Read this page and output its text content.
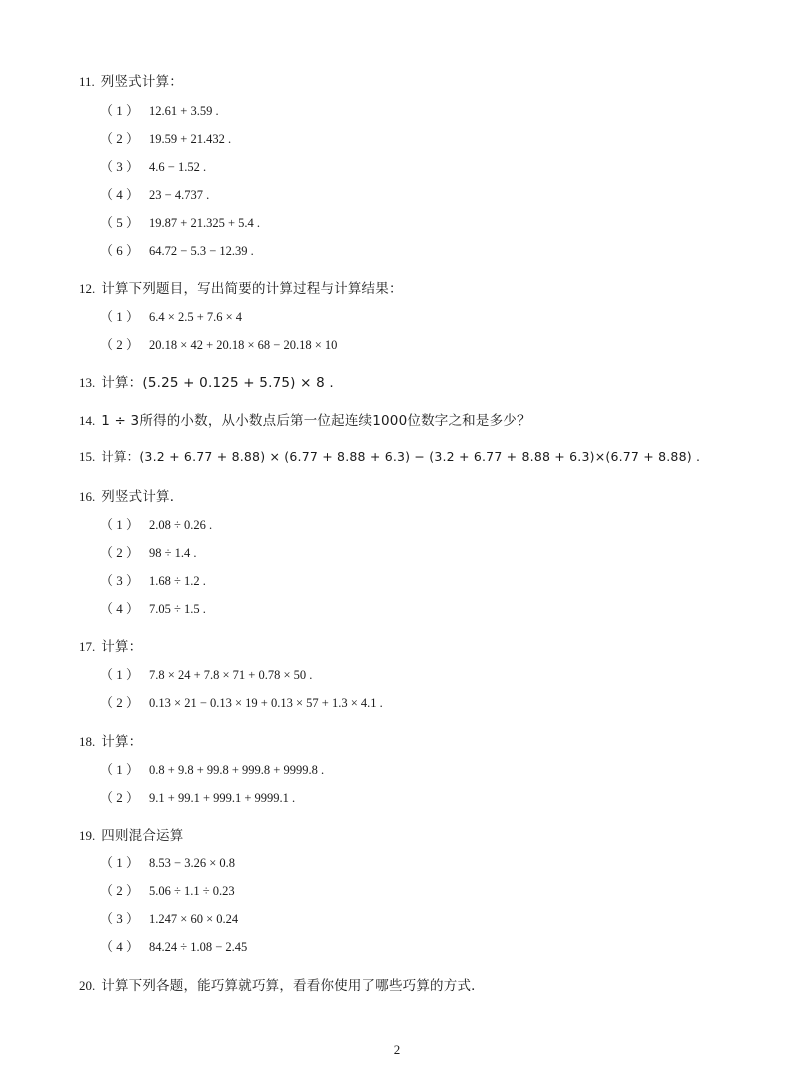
11. 列竖式计算：
（ 1 ） 12.61 + 3.59 .
（ 2 ） 19.59 + 21.432 .
（ 3 ） 4.6 − 1.52 .
（ 4 ） 23 − 4.737 .
（ 5 ） 19.87 + 21.325 + 5.4 .
（ 6 ） 64.72 − 5.3 − 12.39 .
12. 计算下列题目，写出简要的计算过程与计算结果：
（ 1 ） 6.4 × 2.5 + 7.6 × 4
（ 2 ） 20.18 × 42 + 20.18 × 68 − 20.18 × 10
13. 计算：(5.25 + 0.125 + 5.75) × 8 .
14. 1 ÷ 3所得的小数，从小数点后第一位起连续1000位数字之和是多少？
15. 计算：(3.2 + 6.77 + 8.88) × (6.77 + 8.88 + 6.3) − (3.2 + 6.77 + 8.88 + 6.3)×(6.77 + 8.88) .
16. 列竖式计算．
（ 1 ） 2.08 ÷ 0.26 .
（ 2 ） 98 ÷ 1.4 .
（ 3 ） 1.68 ÷ 1.2 .
（ 4 ） 7.05 ÷ 1.5 .
17. 计算：
（ 1 ） 7.8 × 24 + 7.8 × 71 + 0.78 × 50 .
（ 2 ） 0.13 × 21 − 0.13 × 19 + 0.13 × 57 + 1.3 × 4.1 .
18. 计算：
（ 1 ） 0.8 + 9.8 + 99.8 + 999.8 + 9999.8 .
（ 2 ） 9.1 + 99.1 + 999.1 + 9999.1 .
19. 四则混合运算
（ 1 ） 8.53 − 3.26 × 0.8
（ 2 ） 5.06 ÷ 1.1 ÷ 0.23
（ 3 ） 1.247 × 60 × 0.24
（ 4 ） 84.24 ÷ 1.08 − 2.45
20. 计算下列各题，能巧算就巧算，看看你使用了哪些巧算的方式．
2
